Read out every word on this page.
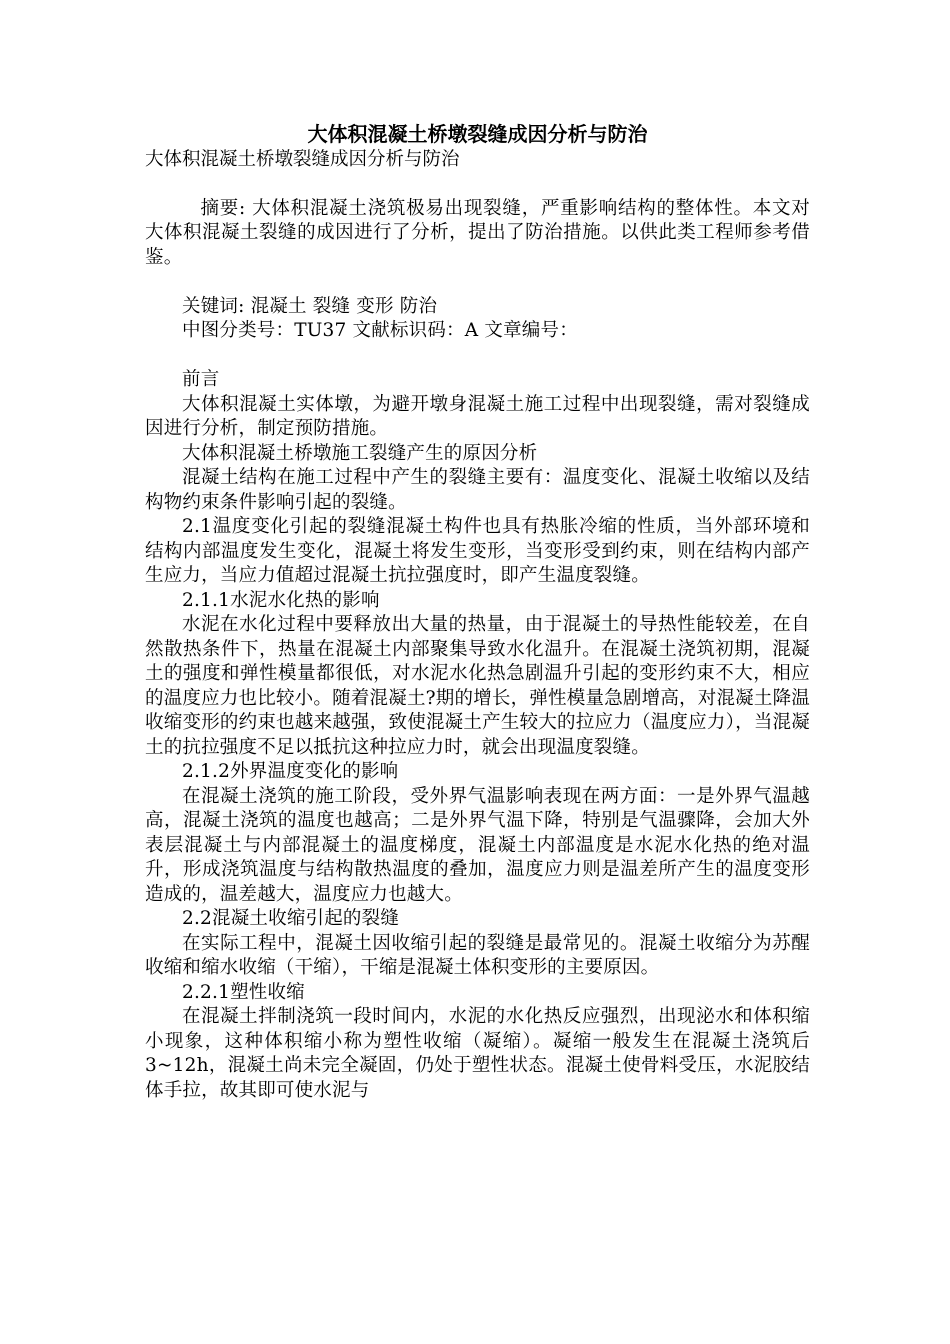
大体积混凝土桥墩裂缝成因分析与防治
大体积混凝土桥墩裂缝成因分析与防治

摘要: 大体积混凝土浇筑极易出现裂缝，严重影响结构的整体性。本文对大体积混凝土裂缝的成因进行了分析，提出了防治措施。以供此类工程师参考借鉴。

关键词: 混凝土 裂缝 变形 防治

中图分类号：TU37 文献标识码：A 文章编号：

前言

大体积混凝土实体墩，为避开墩身混凝土施工过程中出现裂缝，需对裂缝成因进行分析，制定预防措施。

大体积混凝土桥墩施工裂缝产生的原因分析

混凝土结构在施工过程中产生的裂缝主要有：温度变化、混凝土收缩以及结构物约束条件影响引起的裂缝。

2.1温度变化引起的裂缝混凝土构件也具有热胀冷缩的性质，当外部环境和结构内部温度发生变化，混凝土将发生变形，当变形受到约束，则在结构内部产生应力，当应力值超过混凝土抗拉强度时，即产生温度裂缝。

2.1.1水泥水化热的影响

水泥在水化过程中要释放出大量的热量，由于混凝土的导热性能较差，在自然散热条件下，热量在混凝土内部聚集导致水化温升。在混凝土浇筑初期，混凝土的强度和弹性模量都很低，对水泥水化热急剧温升引起的变形约束不大，相应的温度应力也比较小。随着混凝土?期的增长，弹性模量急剧增高，对混凝土降温收缩变形的约束也越来越强，致使混凝土产生较大的拉应力（温度应力），当混凝土的抗拉强度不足以抵抗这种拉应力时，就会出现温度裂缝。

2.1.2外界温度变化的影响

在混凝土浇筑的施工阶段，受外界气温影响表现在两方面：一是外界气温越高，混凝土浇筑的温度也越高；二是外界气温下降，特别是气温骤降，会加大外表层混凝土与内部混凝土的温度梯度，混凝土内部温度是水泥水化热的绝对温升，形成浇筑温度与结构散热温度的叠加，温度应力则是温差所产生的温度变形造成的，温差越大，温度应力也越大。

2.2混凝土收缩引起的裂缝

在实际工程中，混凝土因收缩引起的裂缝是最常见的。混凝土收缩分为苏醒收缩和缩水收缩（干缩），干缩是混凝土体积变形的主要原因。

2.2.1塑性收缩

在混凝土拌制浇筑一段时间内，水泥的水化热反应强烈，出现泌水和体积缩小现象，这种体积缩小称为塑性收缩（凝缩）。凝缩一般发生在混凝土浇筑后3~12h，混凝土尚未完全凝固，仍处于塑性状态。混凝土使骨料受压，水泥胶结体手拉，故其即可使水泥与
